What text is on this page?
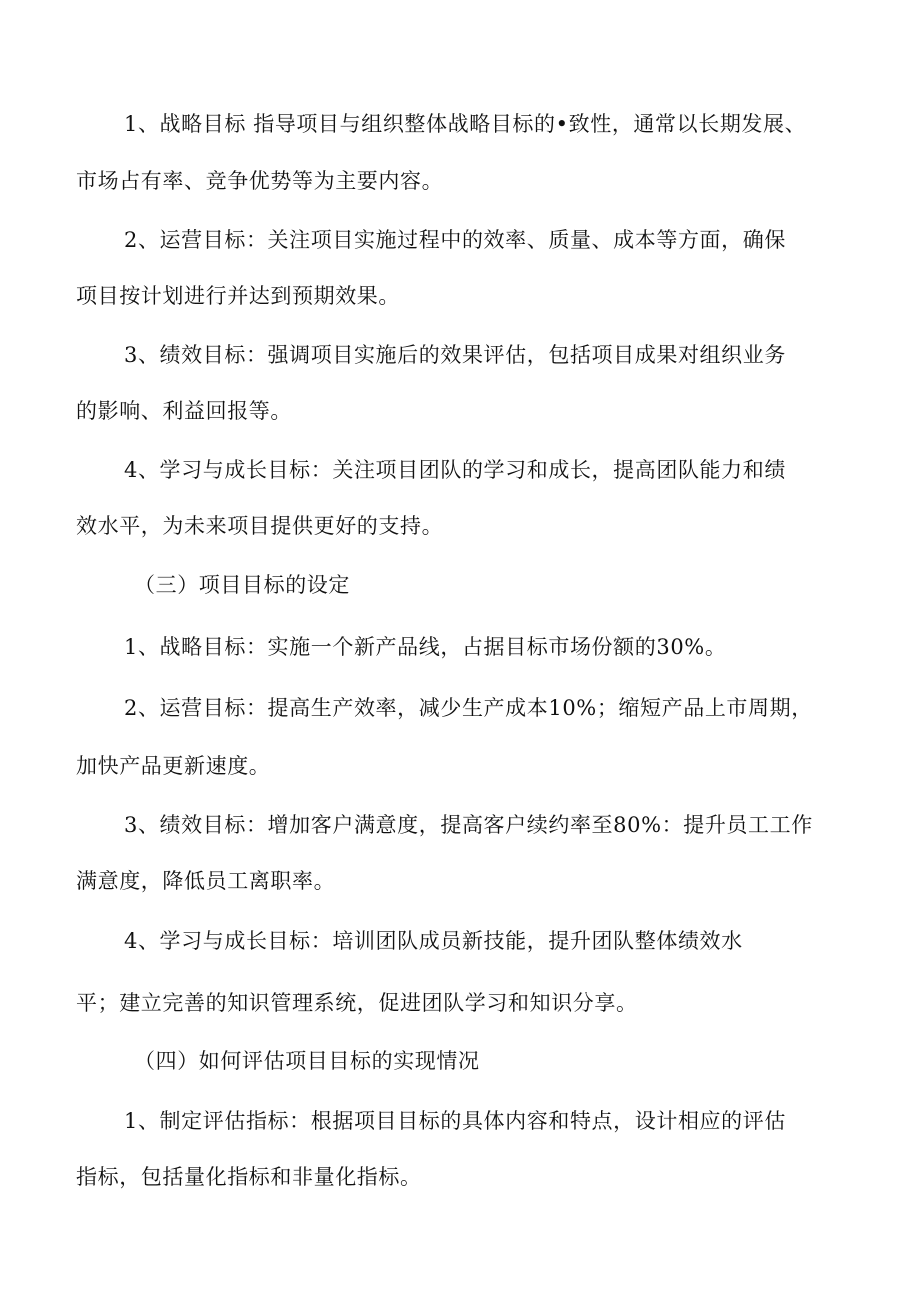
1、战略目标 指导项目与组织整体战略目标的•致性，通常以长期发展、

市场占有率、竞争优势等为主要内容。

2、运营目标：关注项目实施过程中的效率、质量、成本等方面，确保

项目按计划进行并达到预期效果。

3、绩效目标：强调项目实施后的效果评估，包括项目成果对组织业务

的影响、利益回报等。

4、学习与成长目标：关注项目团队的学习和成长，提高团队能力和绩

效水平，为未来项目提供更好的支持。

（三）项目目标的设定

1、战略目标：实施一个新产品线，占据目标市场份额的30%。

2、运营目标：提高生产效率，减少生产成本10%；缩短产品上市周期，

加快产品更新速度。

3、绩效目标：增加客户满意度，提高客户续约率至80%：提升员工工作

满意度，降低员工离职率。

4、学习与成长目标：培训团队成员新技能，提升团队整体绩效水

平；建立完善的知识管理系统，促进团队学习和知识分享。

（四）如何评估项目目标的实现情况

1、制定评估指标：根据项目目标的具体内容和特点，设计相应的评估

指标，包括量化指标和非量化指标。
